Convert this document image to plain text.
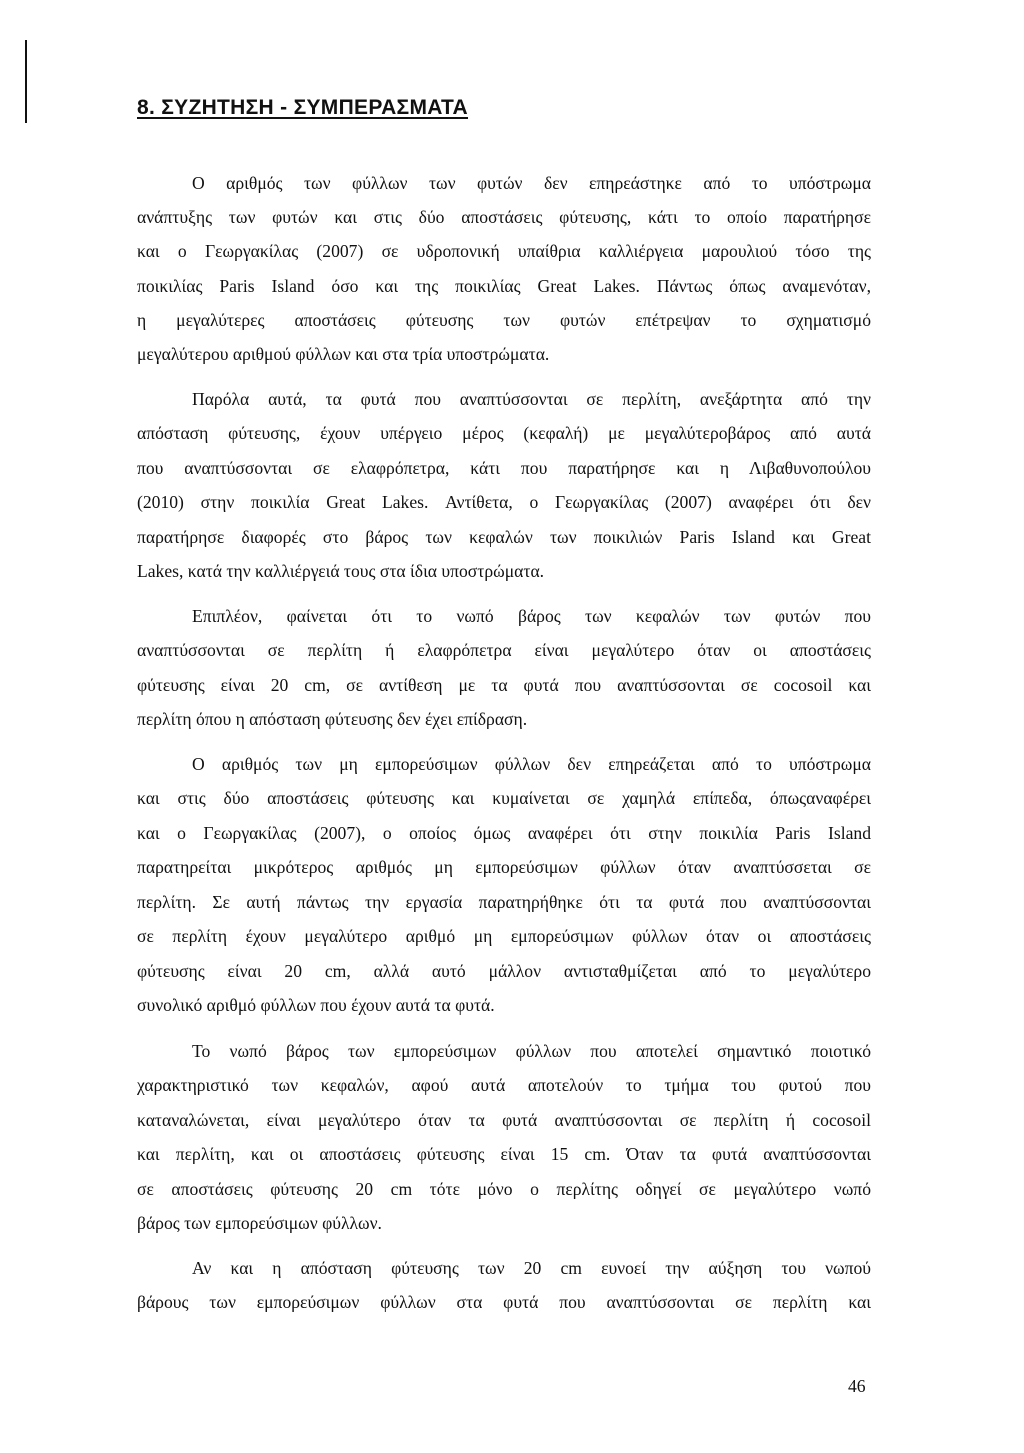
8. ΣΥΖΗΤΗΣΗ - ΣΥΜΠΕΡΑΣΜΑΤΑ
Ο αριθμός των φύλλων των φυτών δεν επηρεάστηκε από το υπόστρωμα
ανάπτυξης των φυτών και στις δύο αποστάσεις φύτευσης, κάτι το οποίο παρατήρησε
και ο Γεωργακίλας (2007) σε υδροπονική υπαίθρια καλλιέργεια μαρουλιού τόσο της
ποικιλίας Paris Island όσο και της ποικιλίας Great Lakes. Πάντως όπως αναμενόταν,
η μεγαλύτερες αποστάσεις φύτευσης των φυτών επέτρεψαν το σχηματισμό
μεγαλύτερου αριθμού φύλλων και στα τρία υποστρώματα.
Παρόλα αυτά, τα φυτά που αναπτύσσονται σε περλίτη, ανεξάρτητα από την
απόσταση φύτευσης, έχουν υπέργειο μέρος (κεφαλή) με μεγαλύτεροβάρος από αυτά
που αναπτύσσονται σε ελαφρόπετρα, κάτι που παρατήρησε και η Λιβαθυνοπούλου
(2010) στην ποικιλία Great Lakes. Αντίθετα, ο Γεωργακίλας (2007) αναφέρει ότι δεν
παρατήρησε διαφορές στο βάρος των κεφαλών των ποικιλιών Paris Island και Great
Lakes, κατά την καλλιέργειά τους στα ίδια υποστρώματα.
Επιπλέον, φαίνεται ότι το νωπό βάρος των κεφαλών των φυτών που
αναπτύσσονται σε περλίτη ή ελαφρόπετρα είναι μεγαλύτερο όταν οι αποστάσεις
φύτευσης είναι 20 cm, σε αντίθεση με τα φυτά που αναπτύσσονται σε cocosoil και
περλίτη όπου η απόσταση φύτευσης δεν έχει επίδραση.
Ο αριθμός των μη εμπορεύσιμων φύλλων δεν επηρεάζεται από το υπόστρωμα
και στις δύο αποστάσεις φύτευσης και κυμαίνεται σε χαμηλά επίπεδα, όπωςαναφέρει
και ο Γεωργακίλας (2007), ο οποίος όμως αναφέρει ότι στην ποικιλία Paris Island
παρατηρείται μικρότερος αριθμός μη εμπορεύσιμων φύλλων όταν αναπτύσσεται σε
περλίτη. Σε αυτή πάντως την εργασία παρατηρήθηκε ότι τα φυτά που αναπτύσσονται
σε περλίτη έχουν μεγαλύτερο αριθμό μη εμπορεύσιμων φύλλων όταν οι αποστάσεις
φύτευσης είναι 20 cm, αλλά αυτό μάλλον αντισταθμίζεται από το μεγαλύτερο
συνολικό αριθμό φύλλων που έχουν αυτά τα φυτά.
Το νωπό βάρος των εμπορεύσιμων φύλλων που αποτελεί σημαντικό ποιοτικό
χαρακτηριστικό των κεφαλών, αφού αυτά αποτελούν το τμήμα του φυτού που
καταναλώνεται, είναι μεγαλύτερο όταν τα φυτά αναπτύσσονται σε περλίτη ή cocosoil
και περλίτη, και οι αποστάσεις φύτευσης είναι 15 cm. Όταν τα φυτά αναπτύσσονται
σε αποστάσεις φύτευσης 20 cm τότε μόνο ο περλίτης οδηγεί σε μεγαλύτερο νωπό
βάρος των εμπορεύσιμων φύλλων.
Αν και η απόσταση φύτευσης των 20 cm ευνοεί την αύξηση του νωπού
βάρους των εμπορεύσιμων φύλλων στα φυτά που αναπτύσσονται σε περλίτη και
46
